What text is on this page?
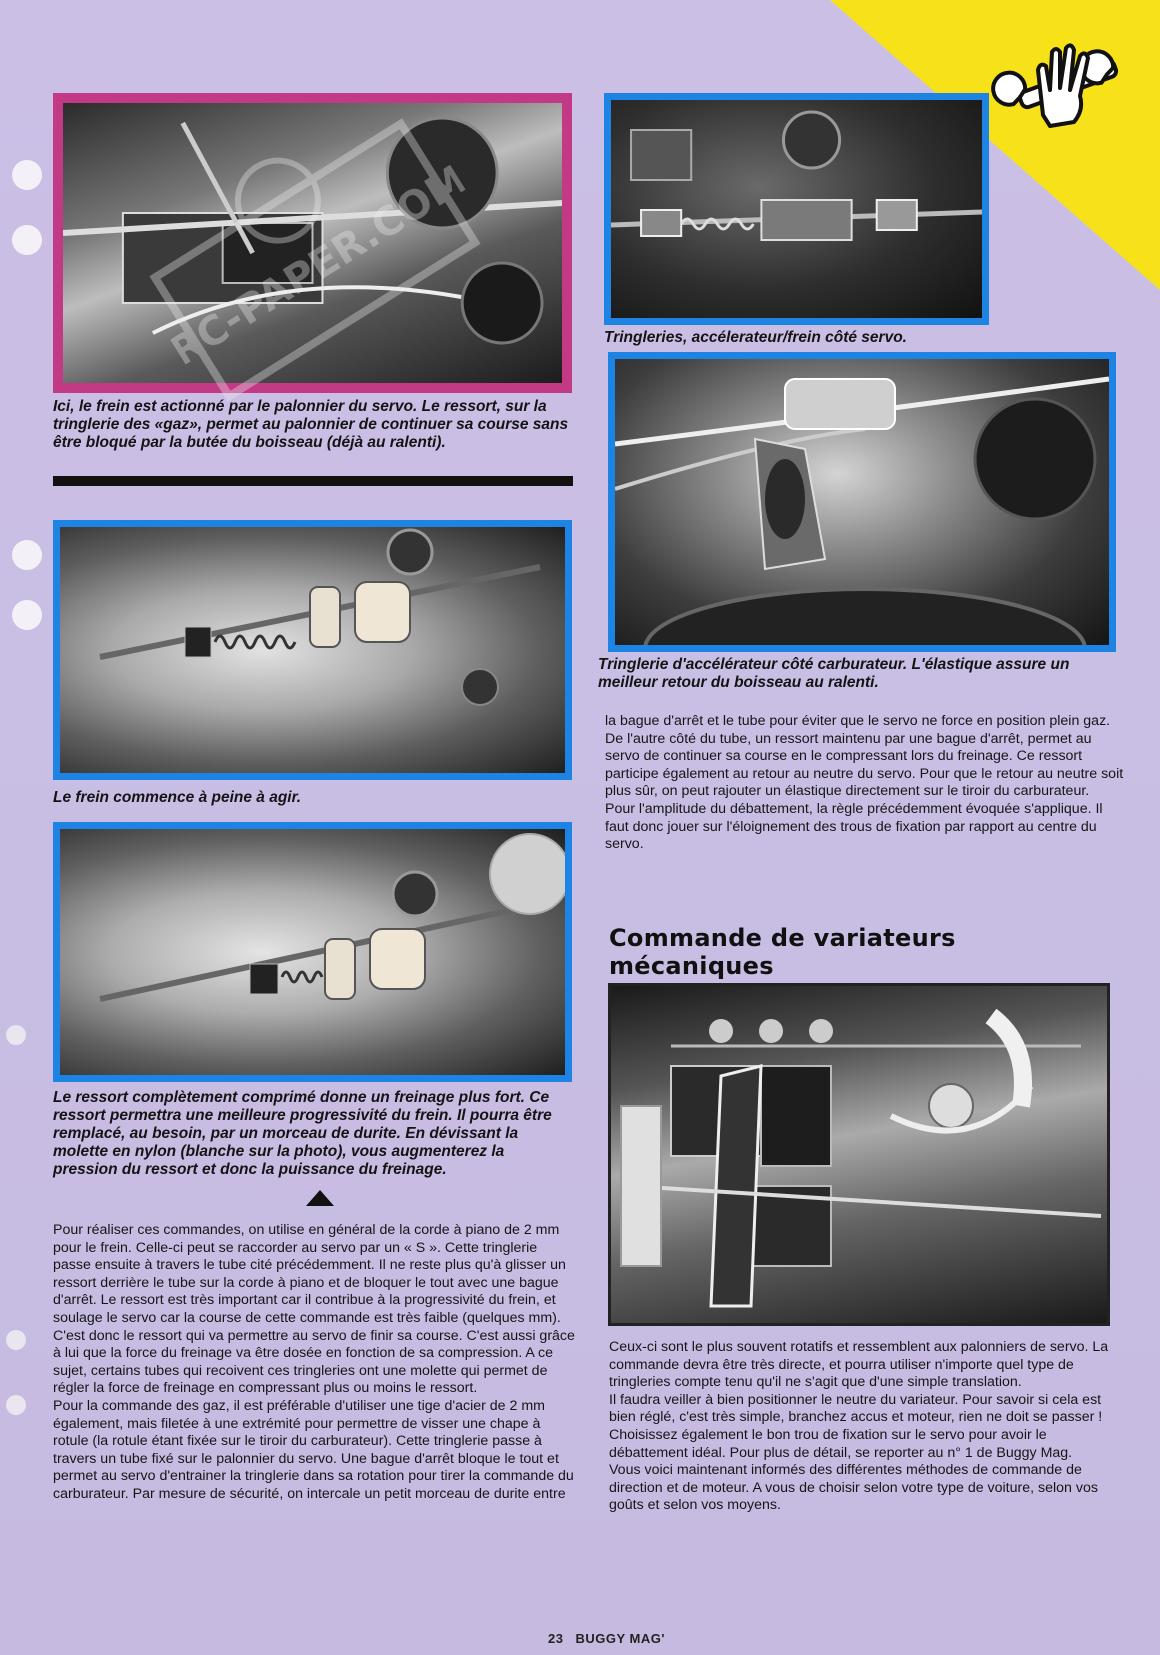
Ici, le frein est actionné par le palonnier du servo. Le ressort, sur la tringlerie des «gaz», permet au palonnier de continuer sa course sans être bloqué par la butée du boisseau (déjà au ralenti).
RC-PAPER.COM	Tringleries, accélerateur/frein côté servo.
Tringlerie d'accélérateur côté carburateur. L'élastique assure un meilleur retour du boisseau au ralenti.
Le frein commence à peine à agir.
Le ressort complètement comprimé donne un freinage plus fort. Ce ressort permettra une meilleure progressivité du frein. Il pourra être remplacé, au besoin, par un morceau de durite. En dévissant la molette en nylon (blanche sur la photo), vous augmenterez la pression du ressort et donc la puissance du freinage.

Pour réaliser ces commandes, on utilise en général de la corde à piano de 2 mm pour le frein. Celle-ci peut se raccorder au servo par un « S ». Cette tringlerie passe ensuite à travers le tube cité précédemment. Il ne reste plus qu'à glisser un ressort derrière le tube sur la corde à piano et de bloquer le tout avec une bague d'arrêt. Le ressort est très important car il contribue à la progressivité du frein, et soulage le servo car la course de cette commande est très faible (quelques mm). C'est donc le ressort qui va permettre au servo de finir sa course. C'est aussi grâce à lui que la force du freinage va être dosée en fonction de sa compression. A ce sujet, certains tubes qui recoivent ces tringleries ont une molette qui permet de régler la force de freinage en compressant plus ou moins le ressort.

Pour la commande des gaz, il est préférable d'utiliser une tige d'acier de 2 mm également, mais filetée à une extrémité pour permettre de visser une chape à rotule (la rotule étant fixée sur le tiroir du carburateur). Cette tringlerie passe à travers un tube fixé sur le palonnier du servo. Une bague d'arrêt bloque le tout et permet au servo d'entrainer la tringlerie dans sa rotation pour tirer la commande du carburateur. Par mesure de sécurité, on intercale un petit morceau de durite entre

la bague d'arrêt et le tube pour éviter que le servo ne force en position plein gaz.

De l'autre côté du tube, un ressort maintenu par une bague d'arrêt, permet au servo de continuer sa course en le compressant lors du freinage. Ce ressort participe également au retour au neutre du servo. Pour que le retour au neutre soit plus sûr, on peut rajouter un élastique directement sur le tiroir du carburateur.

Pour l'amplitude du débattement, la règle précédemment évoquée s'applique. Il faut donc jouer sur l'éloignement des trous de fixation par rapport au centre du servo.

Commande de variateurs mécaniques

Ceux-ci sont le plus souvent rotatifs et ressemblent aux palonniers de servo. La commande devra être très directe, et pourra utiliser n'importe quel type de tringleries compte tenu qu'il ne s'agit que d'une simple translation.

Il faudra veiller à bien positionner le neutre du variateur. Pour savoir si cela est bien réglé, c'est très simple, branchez accus et moteur, rien ne doit se passer !

Choisissez également le bon trou de fixation sur le servo pour avoir le débattement idéal. Pour plus de détail, se reporter au n° 1 de Buggy Mag.

Vous voici maintenant informés des différentes méthodes de commande de direction et de moteur. A vous de choisir selon votre type de voiture, selon vos goûts et selon vos moyens.

23 BUGGY MAG'
